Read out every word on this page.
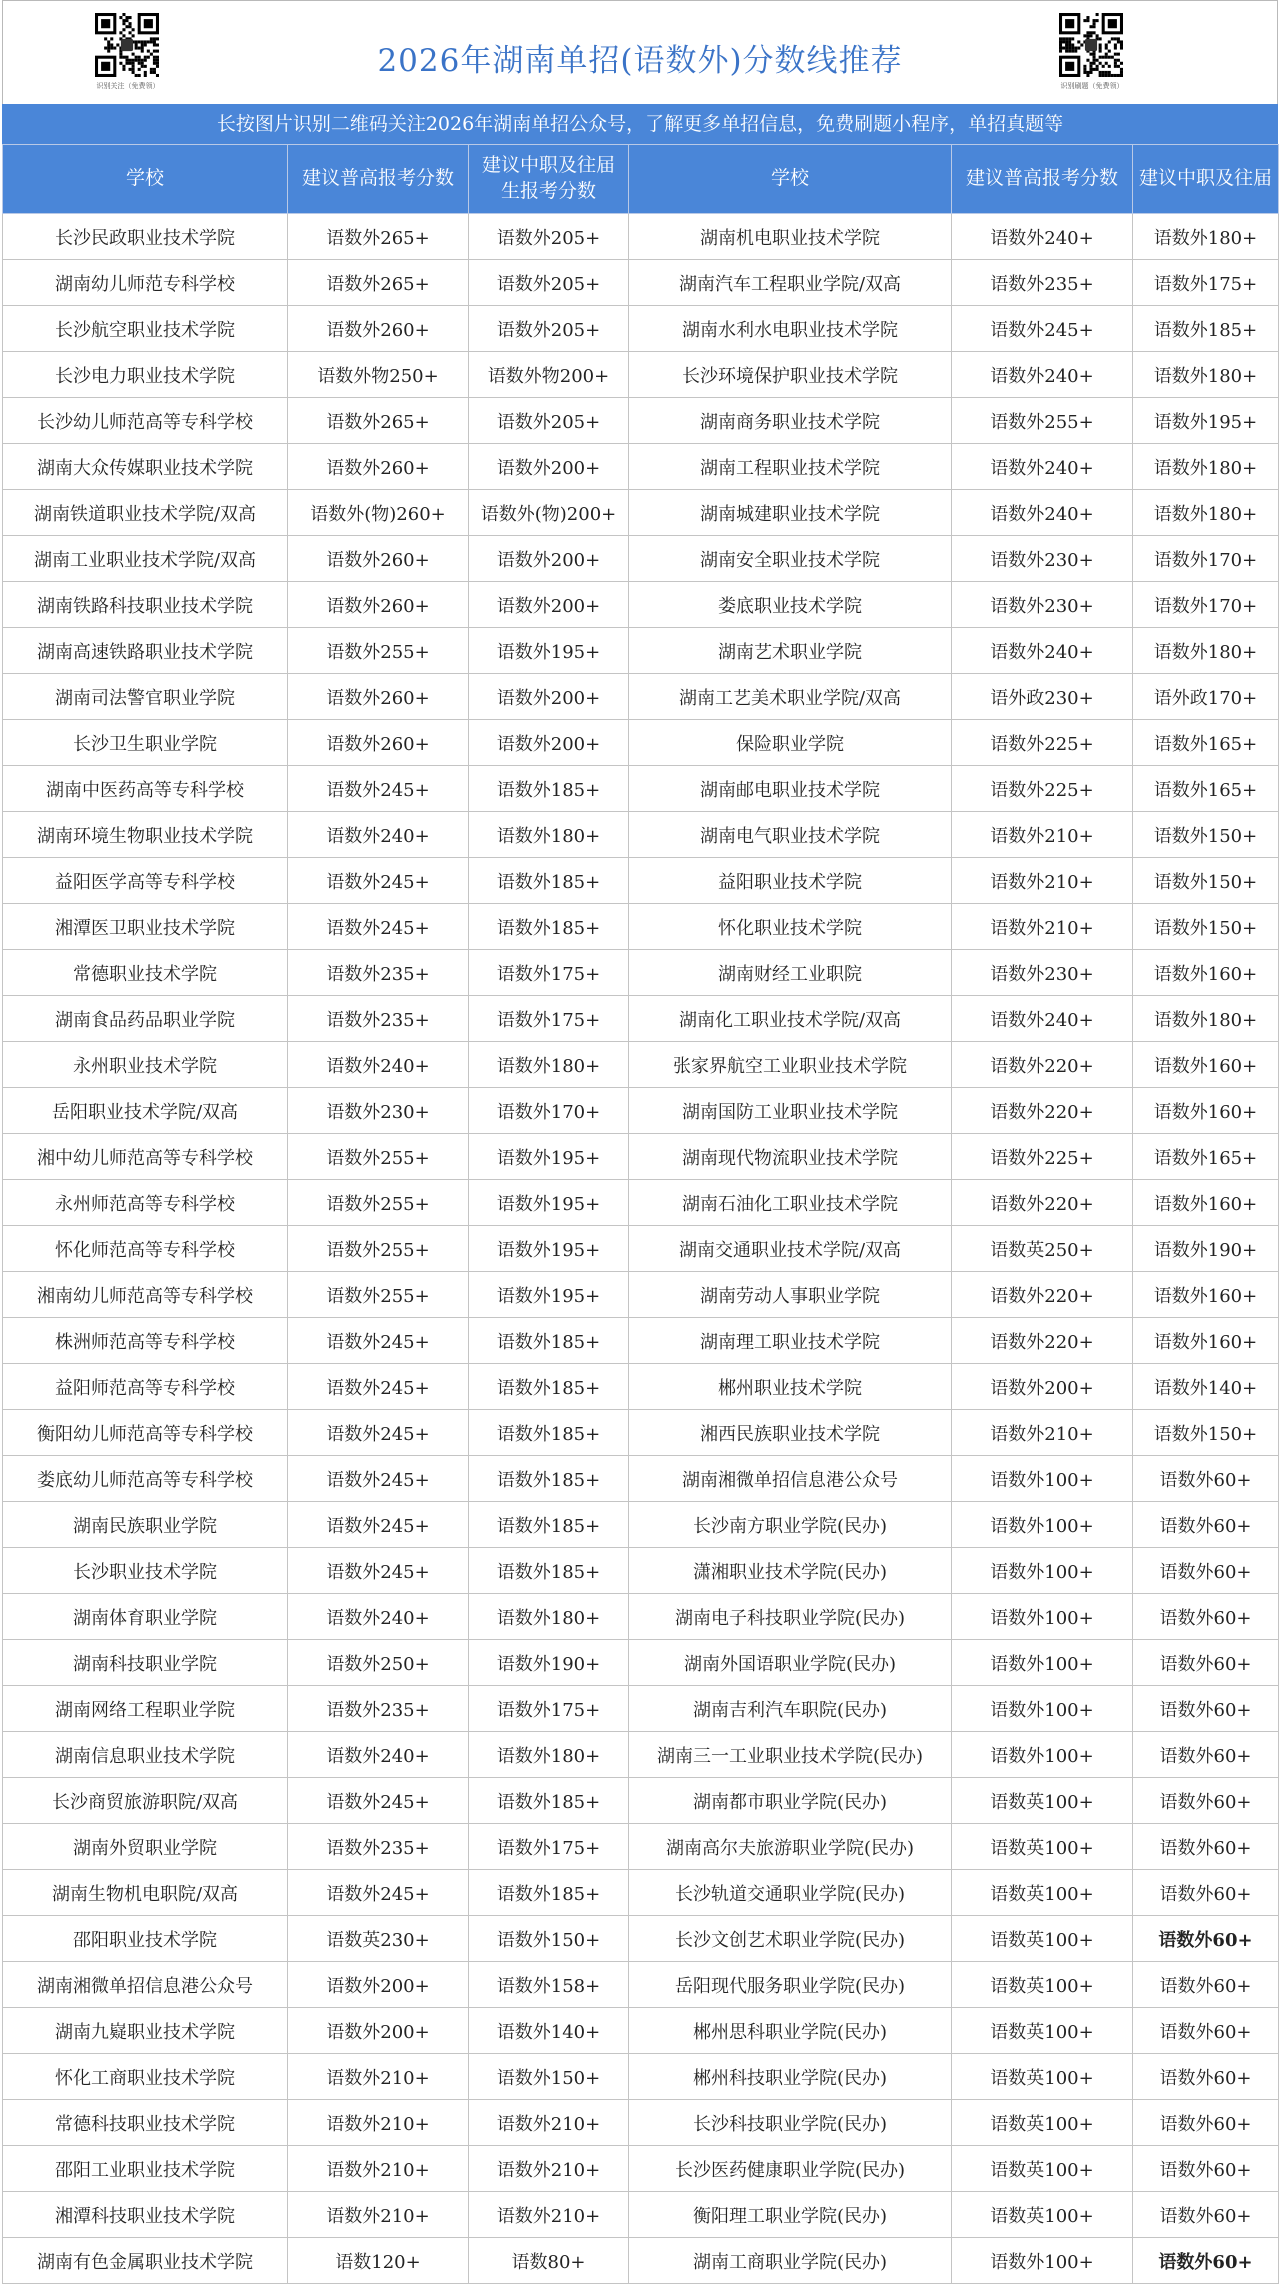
识别关注（免费领）
2026年湖南单招(语数外)分数线推荐
识别刷题（免费领）
长按图片识别二维码关注2026年湖南单招公众号，了解更多单招信息，免费刷题小程序，单招真题等
学校	建议普高报考分数	建议中职及往届生报考分数	学校	建议普高报考分数	建议中职及往届
长沙民政职业技术学院	语数外265+	语数外205+	湖南机电职业技术学院	语数外240+	语数外180+
湖南幼儿师范专科学校	语数外265+	语数外205+	湖南汽车工程职业学院/双高	语数外235+	语数外175+
长沙航空职业技术学院	语数外260+	语数外205+	湖南水利水电职业技术学院	语数外245+	语数外185+
长沙电力职业技术学院	语数外物250+	语数外物200+	长沙环境保护职业技术学院	语数外240+	语数外180+
长沙幼儿师范高等专科学校	语数外265+	语数外205+	湖南商务职业技术学院	语数外255+	语数外195+
湖南大众传媒职业技术学院	语数外260+	语数外200+	湖南工程职业技术学院	语数外240+	语数外180+
湖南铁道职业技术学院/双高	语数外(物)260+	语数外(物)200+	湖南城建职业技术学院	语数外240+	语数外180+
湖南工业职业技术学院/双高	语数外260+	语数外200+	湖南安全职业技术学院	语数外230+	语数外170+
湖南铁路科技职业技术学院	语数外260+	语数外200+	娄底职业技术学院	语数外230+	语数外170+
湖南高速铁路职业技术学院	语数外255+	语数外195+	湖南艺术职业学院	语数外240+	语数外180+
湖南司法警官职业学院	语数外260+	语数外200+	湖南工艺美术职业学院/双高	语外政230+	语外政170+
长沙卫生职业学院	语数外260+	语数外200+	保险职业学院	语数外225+	语数外165+
湖南中医药高等专科学校	语数外245+	语数外185+	湖南邮电职业技术学院	语数外225+	语数外165+
湖南环境生物职业技术学院	语数外240+	语数外180+	湖南电气职业技术学院	语数外210+	语数外150+
益阳医学高等专科学校	语数外245+	语数外185+	益阳职业技术学院	语数外210+	语数外150+
湘潭医卫职业技术学院	语数外245+	语数外185+	怀化职业技术学院	语数外210+	语数外150+
常德职业技术学院	语数外235+	语数外175+	湖南财经工业职院	语数外230+	语数外160+
湖南食品药品职业学院	语数外235+	语数外175+	湖南化工职业技术学院/双高	语数外240+	语数外180+
永州职业技术学院	语数外240+	语数外180+	张家界航空工业职业技术学院	语数外220+	语数外160+
岳阳职业技术学院/双高	语数外230+	语数外170+	湖南国防工业职业技术学院	语数外220+	语数外160+
湘中幼儿师范高等专科学校	语数外255+	语数外195+	湖南现代物流职业技术学院	语数外225+	语数外165+
永州师范高等专科学校	语数外255+	语数外195+	湖南石油化工职业技术学院	语数外220+	语数外160+
怀化师范高等专科学校	语数外255+	语数外195+	湖南交通职业技术学院/双高	语数英250+	语数外190+
湘南幼儿师范高等专科学校	语数外255+	语数外195+	湖南劳动人事职业学院	语数外220+	语数外160+
株洲师范高等专科学校	语数外245+	语数外185+	湖南理工职业技术学院	语数外220+	语数外160+
益阳师范高等专科学校	语数外245+	语数外185+	郴州职业技术学院	语数外200+	语数外140+
衡阳幼儿师范高等专科学校	语数外245+	语数外185+	湘西民族职业技术学院	语数外210+	语数外150+
娄底幼儿师范高等专科学校	语数外245+	语数外185+	湖南湘微单招信息港公众号	语数外100+	语数外60+
湖南民族职业学院	语数外245+	语数外185+	长沙南方职业学院(民办)	语数外100+	语数外60+
长沙职业技术学院	语数外245+	语数外185+	潇湘职业技术学院(民办)	语数外100+	语数外60+
湖南体育职业学院	语数外240+	语数外180+	湖南电子科技职业学院(民办)	语数外100+	语数外60+
湖南科技职业学院	语数外250+	语数外190+	湖南外国语职业学院(民办)	语数外100+	语数外60+
湖南网络工程职业学院	语数外235+	语数外175+	湖南吉利汽车职院(民办)	语数外100+	语数外60+
湖南信息职业技术学院	语数外240+	语数外180+	湖南三一工业职业技术学院(民办)	语数外100+	语数外60+
长沙商贸旅游职院/双高	语数外245+	语数外185+	湖南都市职业学院(民办)	语数英100+	语数外60+
湖南外贸职业学院	语数外235+	语数外175+	湖南高尔夫旅游职业学院(民办)	语数英100+	语数外60+
湖南生物机电职院/双高	语数外245+	语数外185+	长沙轨道交通职业学院(民办)	语数英100+	语数外60+
邵阳职业技术学院	语数英230+	语数外150+	长沙文创艺术职业学院(民办)	语数英100+	语数外60+
湖南湘微单招信息港公众号	语数外200+	语数外158+	岳阳现代服务职业学院(民办)	语数英100+	语数外60+
湖南九嶷职业技术学院	语数外200+	语数外140+	郴州思科职业学院(民办)	语数英100+	语数外60+
怀化工商职业技术学院	语数外210+	语数外150+	郴州科技职业学院(民办)	语数英100+	语数外60+
常德科技职业技术学院	语数外210+	语数外210+	长沙科技职业学院(民办)	语数英100+	语数外60+
邵阳工业职业技术学院	语数外210+	语数外210+	长沙医药健康职业学院(民办)	语数英100+	语数外60+
湘潭科技职业技术学院	语数外210+	语数外210+	衡阳理工职业学院(民办)	语数英100+	语数外60+
湖南有色金属职业技术学院	语数120+	语数80+	湖南工商职业学院(民办)	语数外100+	语数外60+
